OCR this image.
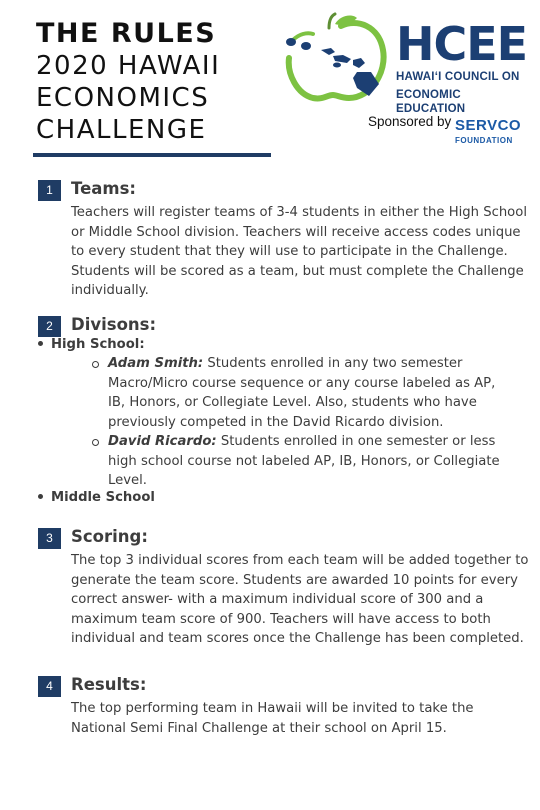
THE RULES
2020 HAWAII
ECONOMICS
CHALLENGE
HCEE
HAWAI‘I COUNCIL ON
ECONOMIC EDUCATION
Sponsored by SERVCO
FOUNDATION
1	Teams:

Teachers will register teams of 3-4 students in either the High School or Middle School division. Teachers will receive access codes unique to every student that they will use to participate in the Challenge. Students will be scored as a team, but must complete the Challenge individually.

2	Divisons:
High School:
Adam Smith: Students enrolled in any two semester Macro/Micro course sequence or any course labeled as AP, IB, Honors, or Collegiate Level. Also, students who have previously competed in the David Ricardo division.
David Ricardo: Students enrolled in one semester or less high school course not labeled AP, IB, Honors, or Collegiate Level.
Middle School
3	Scoring:

The top 3 individual scores from each team will be added together to generate the team score. Students are awarded 10 points for every correct answer- with a maximum individual score of 300 and a maximum team score of 900. Teachers will have access to both individual and team scores once the Challenge has been completed.

4	Results:

The top performing team in Hawaii will be invited to take the National Semi Final Challenge at their school on April 15.
